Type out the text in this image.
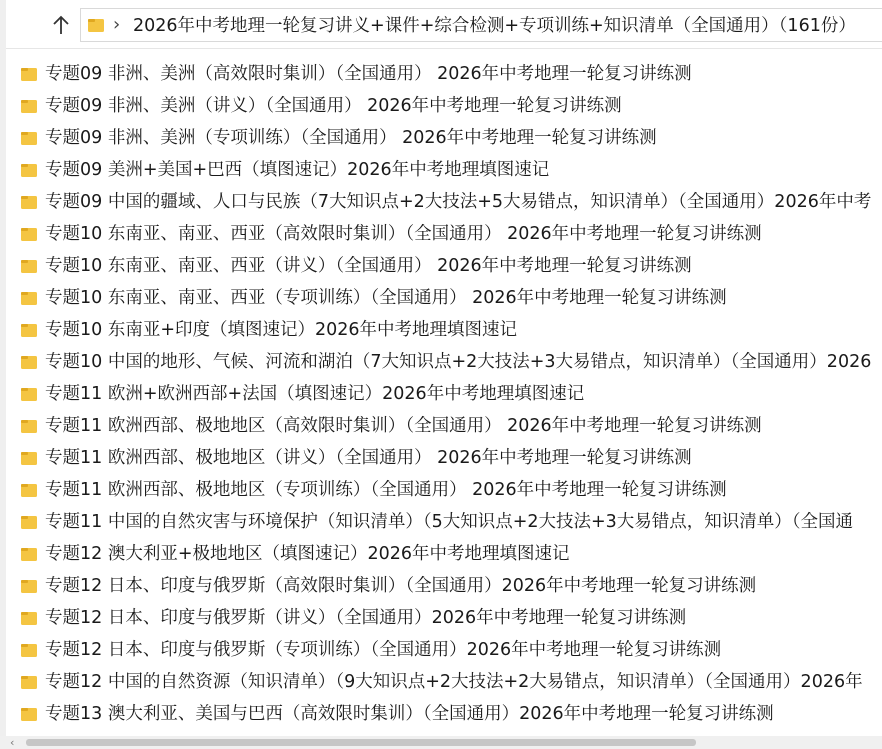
› 2026年中考地理一轮复习讲义+课件+综合检测+专项训练+知识清单（全国通用）（161份）
专题09 非洲、美洲（高效限时集训）（全国通用） 2026年中考地理一轮复习讲练测
专题09 非洲、美洲（讲义）（全国通用） 2026年中考地理一轮复习讲练测
专题09 非洲、美洲（专项训练）（全国通用） 2026年中考地理一轮复习讲练测
专题09 美洲+美国+巴西（填图速记）2026年中考地理填图速记
专题09 中国的疆域、人口与民族（7大知识点+2大技法+5大易错点，知识清单）（全国通用）2026年中考
专题10 东南亚、南亚、西亚（高效限时集训）（全国通用） 2026年中考地理一轮复习讲练测
专题10 东南亚、南亚、西亚（讲义）（全国通用） 2026年中考地理一轮复习讲练测
专题10 东南亚、南亚、西亚（专项训练）（全国通用） 2026年中考地理一轮复习讲练测
专题10 东南亚+印度（填图速记）2026年中考地理填图速记
专题10 中国的地形、气候、河流和湖泊（7大知识点+2大技法+3大易错点，知识清单）（全国通用）2026
专题11 欧洲+欧洲西部+法国（填图速记）2026年中考地理填图速记
专题11 欧洲西部、极地地区（高效限时集训）（全国通用） 2026年中考地理一轮复习讲练测
专题11 欧洲西部、极地地区（讲义）（全国通用） 2026年中考地理一轮复习讲练测
专题11 欧洲西部、极地地区（专项训练）（全国通用） 2026年中考地理一轮复习讲练测
专题11 中国的自然灾害与环境保护（知识清单）（5大知识点+2大技法+3大易错点，知识清单）（全国通
专题12 澳大利亚+极地地区（填图速记）2026年中考地理填图速记
专题12 日本、印度与俄罗斯（高效限时集训）（全国通用）2026年中考地理一轮复习讲练测
专题12 日本、印度与俄罗斯（讲义）（全国通用）2026年中考地理一轮复习讲练测
专题12 日本、印度与俄罗斯（专项训练）（全国通用）2026年中考地理一轮复习讲练测
专题12 中国的自然资源（知识清单）（9大知识点+2大技法+2大易错点，知识清单）（全国通用）2026年
专题13 澳大利亚、美国与巴西（高效限时集训）（全国通用）2026年中考地理一轮复习讲练测
‹
